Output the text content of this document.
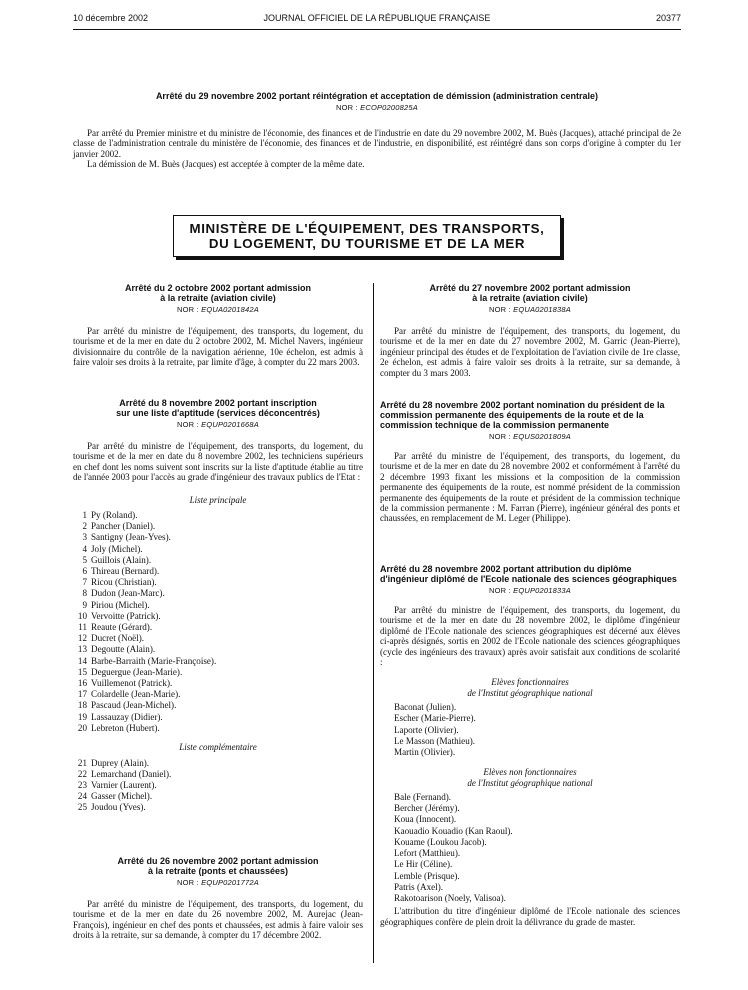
10 décembre 2002	JOURNAL OFFICIEL DE LA RÉPUBLIQUE FRANÇAISE	20377
Arrêté du 29 novembre 2002 portant réintégration et acceptation de démission (administration centrale)
NOR : ECOP0200825A

Par arrêté du Premier ministre et du ministre de l'économie, des finances et de l'industrie en date du 29 novembre 2002, M. Buès (Jacques), attaché principal de 2e classe de l'administration centrale du ministère de l'économie, des finances et de l'industrie, en disponibilité, est réintégré dans son corps d'origine à compter du 1er janvier 2002.

La démission de M. Buès (Jacques) est acceptée à compter de la même date.

MINISTÈRE DE L'ÉQUIPEMENT, DES TRANSPORTS,
DU LOGEMENT, DU TOURISME ET DE LA MER
Arrêté du 2 octobre 2002 portant admission
à la retraite (aviation civile)
NOR : EQUA0201842A

Par arrêté du ministre de l'équipement, des transports, du logement, du tourisme et de la mer en date du 2 octobre 2002, M. Michel Navers, ingénieur divisionnaire du contrôle de la navigation aérienne, 10e échelon, est admis à faire valoir ses droits à la retraite, par limite d'âge, à compter du 22 mars 2003.

Arrêté du 8 novembre 2002 portant inscription
sur une liste d'aptitude (services déconcentrés)
NOR : EQUP0201668A

Par arrêté du ministre de l'équipement, des transports, du logement, du tourisme et de la mer en date du 8 novembre 2002, les techniciens supérieurs en chef dont les noms suivent sont inscrits sur la liste d'aptitude établie au titre de l'année 2003 pour l'accès au grade d'ingénieur des travaux publics de l'Etat :

Liste principale
1 Py (Roland).
2 Pancher (Daniel).
3 Santigny (Jean-Yves).
4 Joly (Michel).
5 Guillois (Alain).
6 Thireau (Bernard).
7 Ricou (Christian).
8 Dudon (Jean-Marc).
9 Piriou (Michel).
10 Vervoitte (Patrick).
11 Reaute (Gérard).
12 Ducret (Noël).
13 Degoutte (Alain).
14 Barbe-Barraith (Marie-Françoise).
15 Deguergue (Jean-Marie).
16 Vuillemenot (Patrick).
17 Colardelle (Jean-Marie).
18 Pascaud (Jean-Michel).
19 Lassauzay (Didier).
20 Lebreton (Hubert).
Liste complémentaire
21 Duprey (Alain).
22 Lemarchand (Daniel).
23 Varnier (Laurent).
24 Gasser (Michel).
25 Joudou (Yves).
Arrêté du 26 novembre 2002 portant admission
à la retraite (ponts et chaussées)
NOR : EQUP0201772A

Par arrêté du ministre de l'équipement, des transports, du logement, du tourisme et de la mer en date du 26 novembre 2002, M. Aurejac (Jean-François), ingénieur en chef des ponts et chaussées, est admis à faire valoir ses droits à la retraite, sur sa demande, à compter du 17 décembre 2002.

Arrêté du 27 novembre 2002 portant admission
à la retraite (aviation civile)
NOR : EQUA0201838A

Par arrêté du ministre de l'équipement, des transports, du logement, du tourisme et de la mer en date du 27 novembre 2002, M. Garric (Jean-Pierre), ingénieur principal des études et de l'exploitation de l'aviation civile de 1re classe, 2e échelon, est admis à faire valoir ses droits à la retraite, sur sa demande, à compter du 3 mars 2003.

Arrêté du 28 novembre 2002 portant nomination du président de la commission permanente des équipements de la route et de la commission technique de la commission permanente
NOR : EQUS0201809A

Par arrêté du ministre de l'équipement, des transports, du logement, du tourisme et de la mer en date du 28 novembre 2002 et conformément à l'arrêté du 2 décembre 1993 fixant les missions et la composition de la commission permanente des équipements de la route, est nommé président de la commission permanente des équipements de la route et président de la commission technique de la commission permanente : M. Farran (Pierre), ingénieur général des ponts et chaussées, en remplacement de M. Leger (Philippe).

Arrêté du 28 novembre 2002 portant attribution du diplôme d'ingénieur diplômé de l'Ecole nationale des sciences géographiques
NOR : EQUP0201833A

Par arrêté du ministre de l'équipement, des transports, du logement, du tourisme et de la mer en date du 28 novembre 2002, le diplôme d'ingénieur diplômé de l'Ecole nationale des sciences géographiques est décerné aux élèves ci-après désignés, sortis en 2002 de l'Ecole nationale des sciences géographiques (cycle des ingénieurs des travaux) après avoir satisfait aux conditions de scolarité :

Elèves fonctionnaires
de l'Institut géographique national
Baconat (Julien).
Escher (Marie-Pierre).
Laporte (Olivier).
Le Masson (Mathieu).
Martin (Olivier).
Elèves non fonctionnaires
de l'Institut géographique national
Bale (Fernand).
Bercher (Jérémy).
Koua (Innocent).
Kaouadio Kouadio (Kan Raoul).
Kouame (Loukou Jacob).
Lefort (Matthieu).
Le Hir (Céline).
Lemble (Prisque).
Patris (Axel).
Rakotoarison (Noely, Valisoa).

L'attribution du titre d'ingénieur diplômé de l'Ecole nationale des sciences géographiques confère de plein droit la délivrance du grade de master.
